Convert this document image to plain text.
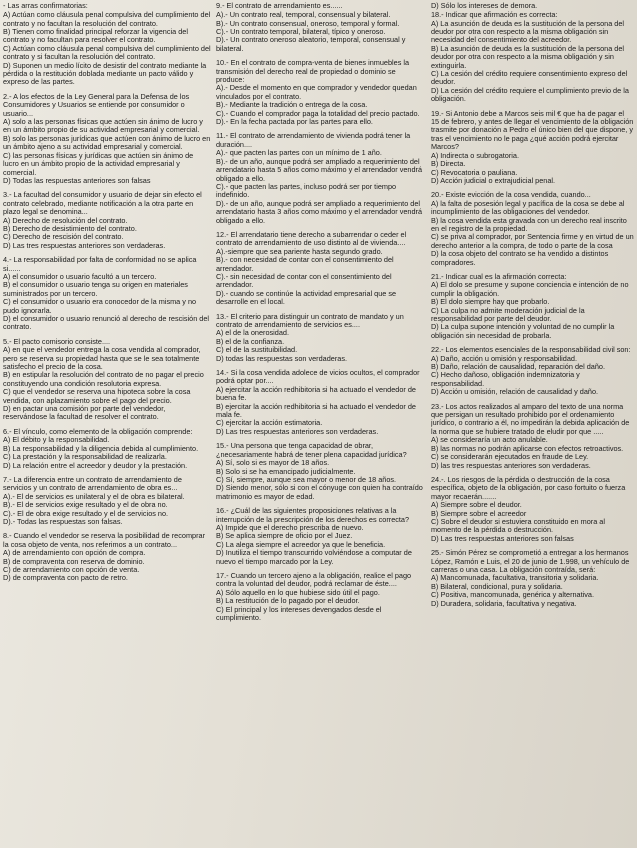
- Las arras confirmatorias:
A) Actúan como cláusula penal compulsiva del cumplimiento del contrato y no facultan la resolución del contrato.
B) Tienen como finalidad principal reforzar la vigencia del contrato y no facultan para resolver el contrato.
C) Actúan como cláusula penal compulsiva del cumplimiento del contrato y si facultan la resolución del contrato.
D) Suponen un medio lícito de desistir del contrato mediante la pérdida o la restitución doblada mediante un pacto válido y expreso de las partes.
2.- A los efectos de la Ley General para la Defensa de los Consumidores y Usuarios se entiende por consumidor o usuario...
A) solo a las personas físicas que actúen sin ánimo de lucro y en un ámbito propio de su actividad empresarial y comercial.
B) solo las personas jurídicas que actúen con ánimo de lucro en un ámbito ajeno a su actividad empresarial y comercial.
C) las personas físicas y jurídicas que actúen sin ánimo de lucro en un ámbito propio de la actividad empresarial y comercial.
D) Todas las respuestas anteriores son falsas
3.- La facultad del consumidor y usuario de dejar sin efecto el contrato celebrado, mediante notificación a la otra parte en plazo legal se denomina...
A) Derecho de resolución del contrato.
B) Derecho de desistimiento del contrato.
C) Derecho de rescisión del contrato.
D) Las tres respuestas anteriores son verdaderas.
4.- La responsabilidad por falta de conformidad no se aplica si......
A) el consumidor o usuario facultó a un tercero.
B) el consumidor o usuario tenga su origen en materiales suministrados por un tercero.
C) el consumidor o usuario era conocedor de la misma y no pudo ignorarla.
D) el consumidor o usuario renunció al derecho de rescisión del contrato.
5.- El pacto comisorio consiste....
A) en que el vendedor entrega la cosa vendida al comprador, pero se reserva su propiedad hasta que se le sea totalmente satisfecho el precio de la cosa.
B) en estipular la resolución del contrato de no pagar el precio constituyendo una condición resolutoria expresa.
C) que el vendedor se reserva una hipoteca sobre la cosa vendida, con aplazamiento sobre el pago del precio.
D) en pactar una comisión por parte del vendedor, reservándose la facultad de resolver el contrato.
6.- El vínculo, como elemento de la obligación comprende:
A) El débito y la responsabilidad.
B) La responsabilidad y la diligencia debida al cumplimiento.
C) La prestación y la responsabilidad de realizarla.
D) La relación entre el acreedor y deudor y la prestación.
7.- La diferencia entre un contrato de arrendamiento de servicios y un contrato de arrendamiento de obra es...
A).- El de servicios es unilateral y el de obra es bilateral.
B).- El de servicios exige resultado y el de obra no.
C).- El de obra exige resultado y el de servicios no.
D).- Todas las respuestas son falsas.
8.- Cuando el vendedor se reserva la posibilidad de recomprar la cosa objeto de venta, nos referimos a un contrato...
A) de arrendamiento con opción de compra.
B) de compraventa con reserva de dominio.
C) de arrendamiento con opción de venta.
D) de compraventa con pacto de retro.
9.- El contrato de arrendamiento es......
A).- Un contrato real, temporal, consensual y bilateral.
B).- Un contrato consensual, oneroso, temporal y formal.
C).- Un contrato temporal, bilateral, típico y oneroso.
D).- Un contrato oneroso aleatorio, temporal, consensual y bilateral.
10.- En el contrato de compra-venta de bienes inmuebles la transmisión del derecho real de propiedad o dominio se produce:
A).- Desde el momento en que comprador y vendedor quedan vinculados por el contrato.
B).- Mediante la tradición o entrega de la cosa.
C).- Cuando el comprador paga la totalidad del precio pactado.
D).- En la fecha pactada por las partes para ello.
11.- El contrato de arrendamiento de vivienda podrá tener la duración....
A).- que pacten las partes con un mínimo de 1 año.
B).- de un año, aunque podrá ser ampliado a requerimiento del arrendatario hasta 5 años como máximo y el arrendador vendrá obligado a ello.
C).- que pacten las partes, incluso podrá ser por tiempo indefinido.
D).- de un año, aunque podrá ser ampliado a requerimiento del arrendatario hasta 3 años como máximo y el arrendador vendrá obligado a ello.
12.- El arrendatario tiene derecho a subarrendar o ceder el contrato de arrendamiento de uso distinto al de vivienda....
A).-siempre que sea pariente hasta segundo grado.
B).- con necesidad de contar con el consentimiento del arrendador.
C).- sin necesidad de contar con el consentimiento del arrendador.
D).- cuando se continúe la actividad empresarial que se desarrolle en el local.
13.- El criterio para distinguir un contrato de mandato y un contrato de arrendamiento de servicios es....
A) el de la onerosidad.
B) el de la confianza.
C) el de la sustituibilidad.
D) todas las respuestas son verdaderas.
14.- Si la cosa vendida adolece de vicios ocultos, el comprador podrá optar por....
A) ejercitar la acción redhibitoria si ha actuado el vendedor de buena fe.
B) ejercitar la acción redhibitoria si ha actuado el vendedor de mala fe.
C) ejercitar la acción estimatoria.
D) Las tres respuestas anteriores son verdaderas.
15.- Una persona que tenga capacidad de obrar, ¿necesariamente habrá de tener plena capacidad jurídica?
A) Sí, solo si es mayor de 18 años.
B) Solo si se ha emancipado judicialmente.
C) Sí, siempre, aunque sea mayor o menor de 18 años.
D) Siendo menor, sólo si con el cónyuge con quien ha contraído matrimonio es mayor de edad.
16.- ¿Cuál de las siguientes proposiciones relativas a la interrupción de la prescripción de los derechos es correcta?
A) Impide que el derecho prescriba de nuevo.
B) Se aplica siempre de oficio por el Juez.
C) La alega siempre el acreedor ya que le beneficia.
D) Inutiliza el tiempo transcurrido volviéndose a computar de nuevo el tiempo marcado por la Ley.
17.- Cuando un tercero ajeno a la obligación, realice el pago contra la voluntad del deudor, podrá reclamar de éste....
A) Sólo aquello en lo que hubiese sido útil el pago.
B) La restitución de lo pagado por el deudor.
C) El principal y los intereses devengados desde el cumplimiento.
D) Sólo los intereses de demora.
18.- Indicar que afirmación es correcta:
A) La asunción de deuda es la sustitución de la persona del deudor por otra con respecto a la misma obligación sin necesidad del consentimiento del acreedor.
B) La asunción de deuda es la sustitución de la persona del deudor por otra con respecto a la misma obligación y sin extinguirla.
C) La cesión del crédito requiere consentimiento expreso del deudor.
D) La cesión del crédito requiere el cumplimiento previo de la obligación.
19.- Si Antonio debe a Marcos seis mil € que ha de pagar el 15 de febrero, y antes de llegar el vencimiento de la obligación trasmite por donación a Pedro el único bien del que dispone, y tras el vencimiento no le paga ¿qué acción podrá ejercitar Marcos?
A) Indirecta o subrogatoria.
B) Directa.
C) Revocatoria o pauliana.
D) Acción judicial o extrajudicial penal.
20.- Existe evicción de la cosa vendida, cuando...
A) la falta de posesión legal y pacífica de la cosa se debe al incumplimiento de las obligaciones del vendedor.
B) la cosa vendida esta gravada con un derecho real inscrito en el registro de la propiedad.
C) se priva al comprador, por Sentencia firme y en virtud de un derecho anterior a la compra, de todo o parte de la cosa
D) la cosa objeto del contrato se ha vendido a distintos compradores.
21.- Indicar cual es la afirmación correcta:
A) El dolo se presume y supone conciencia e intención de no cumplir la obligación.
B) El dolo siempre hay que probarlo.
C) La culpa no admite moderación judicial de la responsabilidad por parte del deudor.
D) La culpa supone intención y voluntad de no cumplir la obligación sin necesidad de probarla.
22.- Los elementos esenciales de la responsabilidad civil son:
A) Daño, acción u omisión y responsabilidad.
B) Daño, relación de causalidad, reparación del daño.
C) Hecho dañoso, obligación indemnizatoria y responsabilidad.
D) Acción u omisión, relación de causalidad y daño.
23.- Los actos realizados al amparo del texto de una norma que persigan un resultado prohibido por el ordenamiento jurídico, o contrario a él, no impedirán la debida aplicación de la norma que se hubiere tratado de eludir por que .....
A) se consideraría un acto anulable.
B) las normas no podrán aplicarse con efectos retroactivos.
C) se considerarán ejecutados en fraude de Ley.
D) las tres respuestas anteriores son verdaderas.
24.-. Los riesgos de la pérdida o destrucción de la cosa específica, objeto de la obligación, por caso fortuito o fuerza mayor recaerán.......
A) Siempre sobre el deudor.
B) Siempre sobre el acreedor
C) Sobre el deudor si estuviera constituido en mora al momento de la pérdida o destrucción.
D) Las tres respuestas anteriores son falsas
25.- Simón Pérez se comprometió a entregar a los hermanos López, Ramón e Luis, el 20 de junio de 1.998, un vehículo de carreras o una casa. La obligación contraída, será:
A) Mancomunada, facultativa, transitoria y solidaria.
B) Bilateral, condicional, pura y solidaria.
C) Positiva, mancomunada, genérica y alternativa.
D) Duradera, solidaria, facultativa y negativa.
